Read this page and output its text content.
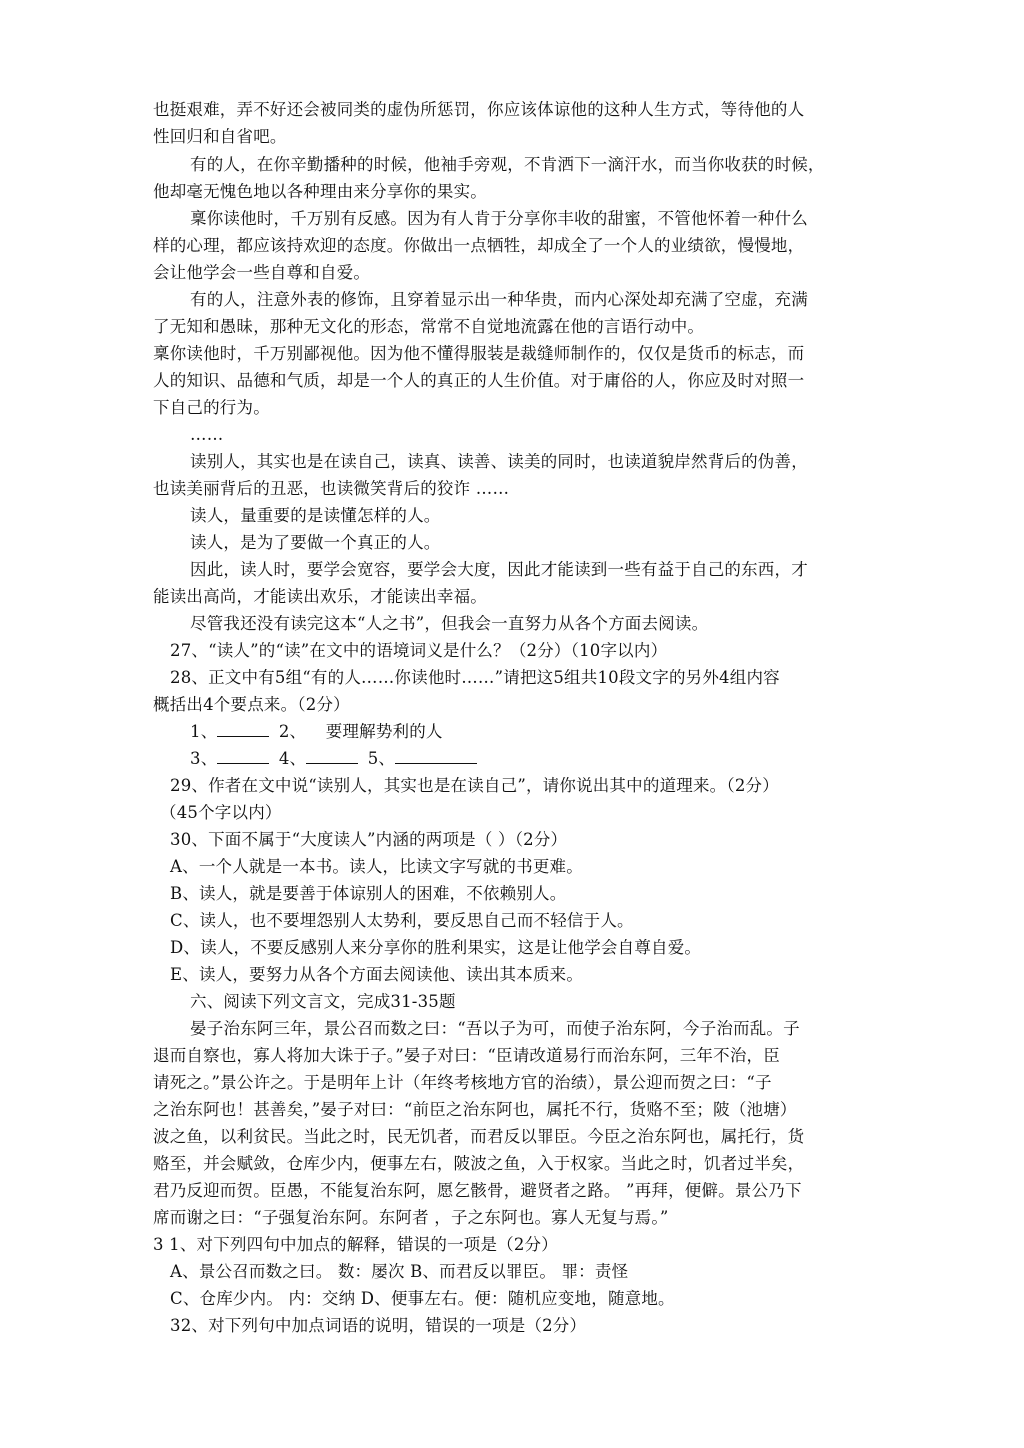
也挺艰难，弄不好还会被同类的虚伪所惩罚，你应该体谅他的这种人生方式，等待他的人
性回归和自省吧。
有的人，在你辛勤播种的时候，他袖手旁观，不肯洒下一滴汗水，而当你收获的时候，
他却毫无愧色地以各种理由来分享你的果实。
稟你读他时，千万别有反感。因为有人肯于分享你丰收的甜蜜，不管他怀着一种什么
样的心理，都应该持欢迎的态度。你做出一点牺牲，却成全了一个人的业绩欲，慢慢地，
会让他学会一些自尊和自爱。
有的人，注意外表的修饰，且穿着显示出一种华贵，而内心深处却充满了空虚，充满
了无知和愚昧，那种无文化的形态，常常不自觉地流露在他的言语行动中。
稟你读他时，千万别鄙视他。因为他不懂得服装是裁缝师制作的，仅仅是货币的标志，而
人的知识、品德和气质，却是一个人的真正的人生价值。对于庸俗的人，你应及时对照一
下自己的行为。
……
读别人，其实也是在读自己，读真、读善、读美的同时，也读道貌岸然背后的伪善，
也读美丽背后的丑恶，也读微笑背后的狡诈 ……
读人，量重要的是读懂怎样的人。
读人，是为了要做一个真正的人。
因此，读人时，要学会宽容，要学会大度，因此才能读到一些有益于自己的东西，才
能读出高尚，才能读出欢乐，才能读出幸福。
尽管我还没有读完这本“人之书”，但我会一直努力从各个方面去阅读。
27、“读人”的“读”在文中的语境词义是什么？（2分）（10字以内）
28、正文中有5组“有的人……你读他时……”请把这5组共10段文字的另外4组内容
概括出4个要点来。（2分）
1、	2、 要理解势利的人
3、	4、	5、
29、作者在文中说“读别人，其实也是在读自己”，请你说出其中的道理来。（2分）
（45个字以内）
30、下面不属于“大度读人”内涵的两项是（ ）（2分）
A、一个人就是一本书。读人，比读文字写就的书更难。
B、读人，就是要善于体谅别人的困难，不依赖别人。
C、读人，也不要埋怨别人太势利，要反思自己而不轻信于人。
D、读人，不要反感别人来分享你的胜利果实，这是让他学会自尊自爱。
E、读人，要努力从各个方面去阅读他、读出其本质来。
六、阅读下列文言文，完成31-35题
晏子治东阿三年，景公召而数之曰：“吾以子为可，而使子治东阿，今子治而乱。子
退而自察也，寡人将加大诛于子。”晏子对曰：“臣请改道易行而治东阿，三年不治，臣
请死之。”景公许之。于是明年上计（年终考核地方官的治绩），景公迎而贺之曰：“子
之治东阿也！甚善矣，”晏子对曰：“前臣之治东阿也，属托不行，货赂不至；陂（池塘）
波之鱼，以利贫民。当此之时，民无饥者，而君反以罪臣。今臣之治东阿也，属托行，货
赂至，并会赋敛，仓库少内，便事左右，陂波之鱼，入于权家。当此之时，饥者过半矣，
君乃反迎而贺。臣愚，不能复治东阿，愿乞骸骨，避贤者之路。 ”再拜，便僻。景公乃下
席而谢之曰：“子强复治东阿。东阿者 ，子之东阿也。寡人无复与焉。”
3 1、对下列四句中加点的解释，错误的一项是（2分）
A、景公召而数之曰。 数：屡次 B、而君反以罪臣。 罪：责怪
C、仓库少内。 内：交纳 D、便事左右。便：随机应变地，随意地。
32、对下列句中加点词语的说明，错误的一项是（2分）
